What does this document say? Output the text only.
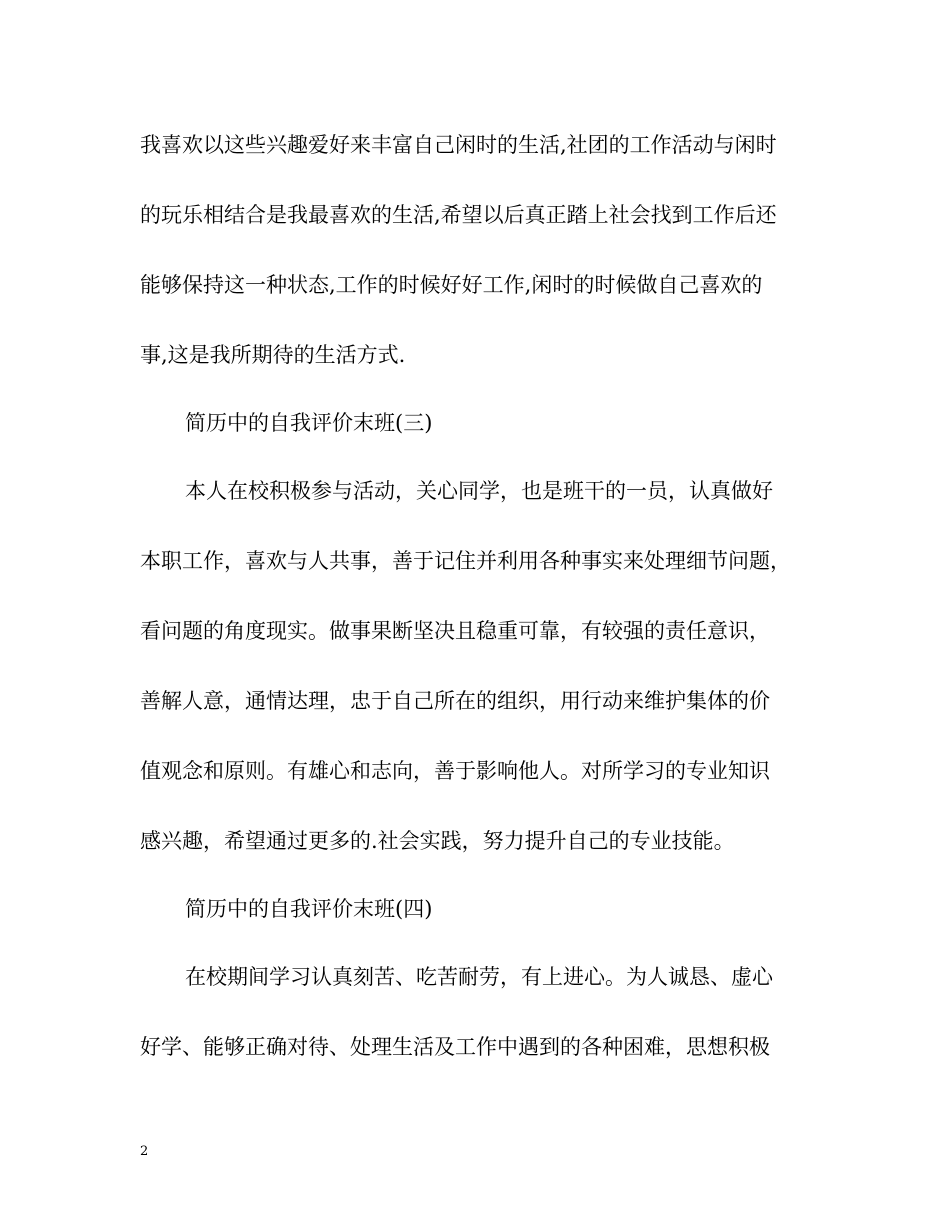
我喜欢以这些兴趣爱好来丰富自己闲时的生活,社团的工作活动与闲时
的玩乐相结合是我最喜欢的生活,希望以后真正踏上社会找到工作后还
能够保持这一种状态,工作的时候好好工作,闲时的时候做自己喜欢的
事,这是我所期待的生活方式.
简历中的自我评价末班(三)
本人在校积极参与活动，关心同学，也是班干的一员，认真做好
本职工作，喜欢与人共事，善于记住并利用各种事实来处理细节问题，
看问题的角度现实。做事果断坚决且稳重可靠，有较强的责任意识，
善解人意，通情达理，忠于自己所在的组织，用行动来维护集体的价
值观念和原则。有雄心和志向，善于影响他人。对所学习的专业知识
感兴趣，希望通过更多的.社会实践，努力提升自己的专业技能。
简历中的自我评价末班(四)
在校期间学习认真刻苦、吃苦耐劳，有上进心。为人诚恳、虚心
好学、能够正确对待、处理生活及工作中遇到的各种困难，思想积极
2
